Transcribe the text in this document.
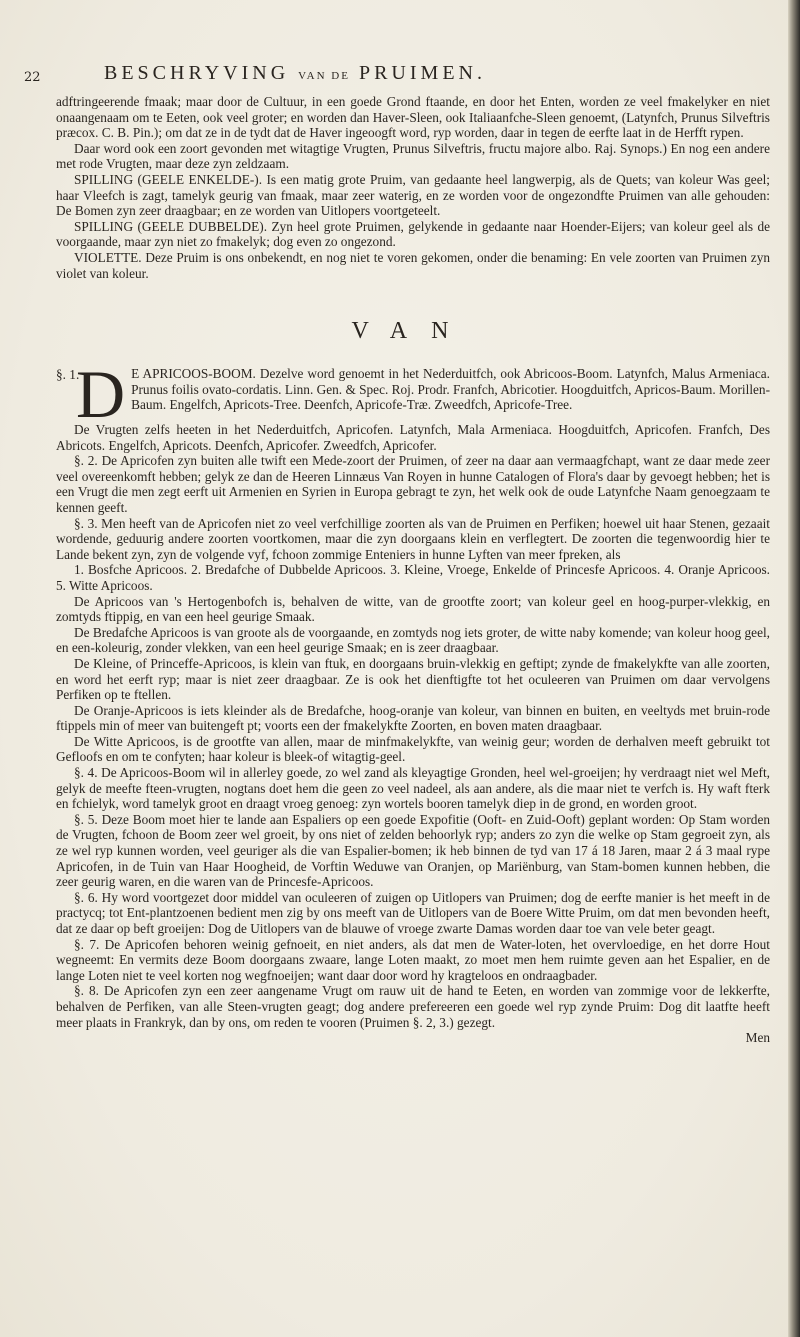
22	BESCHRYVING VAN DE PRUIMEN.

adftringeerende fmaak; maar door de Cultuur, in een goede Grond ftaande, en door het Enten, worden ze veel fmakelyker en niet onaangenaam om te Eeten, ook veel groter; en worden dan Haver-Sleen, ook Italiaanfche-Sleen genoemt, (Latynfch, Prunus Silveftris præcox. C. B. Pin.); om dat ze in de tydt dat de Haver ingeoogft word, ryp worden, daar in tegen de eerfte laat in de Herfft rypen.

Daar word ook een zoort gevonden met witagtige Vrugten, Prunus Silveftris, fructu majore albo. Raj. Synops.) En nog een andere met rode Vrugten, maar deze zyn zeldzaam.

SPILLING (GEELE ENKELDE-). Is een matig grote Pruim, van gedaante heel langwerpig, als de Quets; van koleur Was geel; haar Vleefch is zagt, tamelyk geurig van fmaak, maar zeer waterig, en ze worden voor de ongezondfte Pruimen van alle gehouden: De Bomen zyn zeer draagbaar; en ze worden van Uitlopers voortgeteelt.

SPILLING (GEELE DUBBELDE). Zyn heel grote Pruimen, gelykende in gedaante naar Hoender-Eijers; van koleur geel als de voorgaande, maar zyn niet zo fmakelyk; dog even zo ongezond.

VIOLETTE. Deze Pruim is ons onbekendt, en nog niet te voren gekomen, onder die benaming: En vele zoorten van Pruimen zyn violet van koleur.

VAN
§. 1.

D E APRICOOS-BOOM. Dezelve word genoemt in het Nederduitfch, ook Abricoos-Boom. Latynfch, Malus Armeniaca. Prunus foilis ovato-cordatis. Linn. Gen. & Spec. Roj. Prodr. Franfch, Abricotier. Hoogduitfch, Apricos-Baum. Morillen-Baum. Engelfch, Apricots-Tree. Deenfch, Apricofe-Træ. Zweedfch, Apricofe-Tree.

De Vrugten zelfs heeten in het Nederduitfch, Apricofen. Latynfch, Mala Armeniaca. Hoogduitfch, Apricofen. Franfch, Des Abricots. Engelfch, Apricots. Deenfch, Apricofer. Zweedfch, Apricofer.

§. 2. De Apricofen zyn buiten alle twift een Mede-zoort der Pruimen, of zeer na daar aan vermaagfchapt, want ze daar mede zeer veel overeenkomft hebben; gelyk ze dan de Heeren Linnæus Van Royen in hunne Catalogen of Flora's daar by gevoegt hebben; het is een Vrugt die men zegt eerft uit Armenien en Syrien in Europa gebragt te zyn, het welk ook de oude Latynfche Naam genoegzaam te kennen geeft.

§. 3. Men heeft van de Apricofen niet zo veel verfchillige zoorten als van de Pruimen en Perfiken; hoewel uit haar Stenen, gezaait wordende, geduurig andere zoorten voortkomen, maar die zyn doorgaans klein en verflegtert. De zoorten die tegenwoordig hier te Lande bekent zyn, zyn de volgende vyf, fchoon zommige Enteniers in hunne Lyften van meer fpreken, als

1. Bosfche Apricoos. 2. Bredafche of Dubbelde Apricoos. 3. Kleine, Vroege, Enkelde of Princesfe Apricoos. 4. Oranje Apricoos. 5. Witte Apricoos.

De Apricoos van 's Hertogenbofch is, behalven de witte, van de grootfte zoort; van koleur geel en hoog-purper-vlekkig, en zomtyds ftippig, en van een heel geurige Smaak.

De Bredafche Apricoos is van groote als de voorgaande, en zomtyds nog iets groter, de witte naby komende; van koleur hoog geel, en een-koleurig, zonder vlekken, van een heel geurige Smaak; en is zeer draagbaar.

De Kleine, of Princeffe-Apricoos, is klein van ftuk, en doorgaans bruin-vlekkig en geftipt; zynde de fmakelykfte van alle zoorten, en word het eerft ryp; maar is niet zeer draagbaar. Ze is ook het dienftigfte tot het oculeeren van Pruimen om daar vervolgens Perfiken op te ftellen.

De Oranje-Apricoos is iets kleinder als de Bredafche, hoog-oranje van koleur, van binnen en buiten, en veeltyds met bruin-rode ftippels min of meer van buitengeft pt; voorts een der fmakelykfte Zoorten, en boven maten draagbaar.

De Witte Apricoos, is de grootfte van allen, maar de minfmakelykfte, van weinig geur; worden de derhalven meeft gebruikt tot Gefloofs en om te confyten; haar koleur is bleek-of witagtig-geel.

§. 4. De Apricoos-Boom wil in allerley goede, zo wel zand als kleyagtige Gronden, heel wel-groeijen; hy verdraagt niet wel Meft, gelyk de meefte fteen-vrugten, nogtans doet hem die geen zo veel nadeel, als aan andere, als die maar niet te verfch is. Hy waft fterk en fchielyk, word tamelyk groot en draagt vroeg genoeg: zyn wortels booren tamelyk diep in de grond, en worden groot.

§. 5. Deze Boom moet hier te lande aan Espaliers op een goede Expofitie (Ooft- en Zuid-Ooft) geplant worden: Op Stam worden de Vrugten, fchoon de Boom zeer wel groeit, by ons niet of zelden behoorlyk ryp; anders zo zyn die welke op Stam gegroeit zyn, als ze wel ryp kunnen worden, veel geuriger als die van Espalier-bomen; ik heb binnen de tyd van 17 á 18 Jaren, maar 2 á 3 maal rype Apricofen, in de Tuin van Haar Hoogheid, de Vorftin Weduwe van Oranjen, op Mariënburg, van Stam-bomen kunnen hebben, die zeer geurig waren, en die waren van de Princesfe-Apricoos.

§. 6. Hy word voortgezet door middel van oculeeren of zuigen op Uitlopers van Pruimen; dog de eerfte manier is het meeft in de practycq; tot Ent-plantzoenen bedient men zig by ons meeft van de Uitlopers van de Boere Witte Pruim, om dat men bevonden heeft, dat ze daar op beft groeijen: Dog de Uitlopers van de blauwe of vroege zwarte Damas worden daar toe van vele beter geagt.

§. 7. De Apricofen behoren weinig gefnoeit, en niet anders, als dat men de Water-loten, het overvloedige, en het dorre Hout wegneemt: En vermits deze Boom doorgaans zwaare, lange Loten maakt, zo moet men hem ruimte geven aan het Espalier, en de lange Loten niet te veel korten nog wegfnoeijen; want daar door word hy kragteloos en ondraagbader.

§. 8. De Apricofen zyn een zeer aangename Vrugt om rauw uit de hand te Eeten, en worden van zommige voor de lekkerfte, behalven de Perfiken, van alle Steen-vrugten geagt; dog andere prefereeren een goede wel ryp zynde Pruim: Dog dit laatfte heeft meer plaats in Frankryk, dan by ons, om reden te vooren (Pruimen §. 2, 3.) gezegt.

Men
